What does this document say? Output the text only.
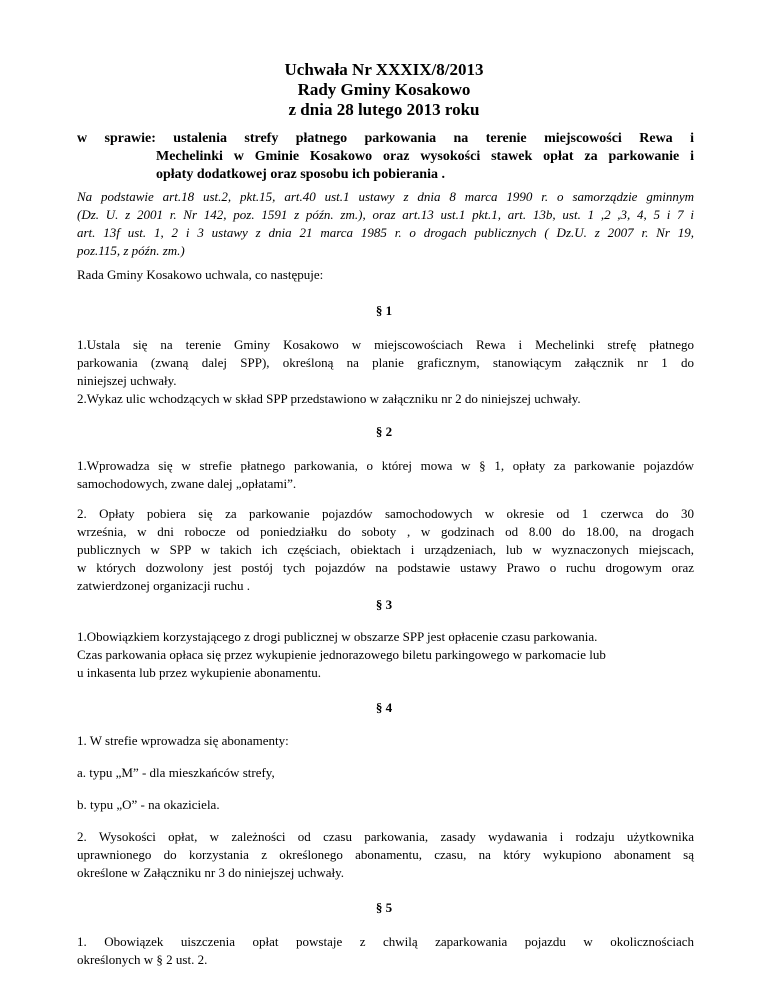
Uchwała Nr XXXIX/8/2013
Rady Gminy Kosakowo
z dnia 28 lutego 2013 roku
w sprawie: ustalenia strefy płatnego parkowania na terenie miejscowości Rewa i
Mechelinki w Gminie Kosakowo oraz wysokości stawek opłat za parkowanie i
opłaty dodatkowej oraz sposobu ich pobierania .
Na podstawie art.18 ust.2, pkt.15, art.40 ust.1 ustawy z dnia 8 marca 1990 r. o samorządzie gminnym
(Dz. U. z 2001 r. Nr 142, poz. 1591 z późn. zm.), oraz art.13 ust.1 pkt.1, art. 13b, ust. 1 ,2 ,3, 4, 5 i 7 i
art. 13f ust. 1, 2 i 3 ustawy z dnia 21 marca 1985 r. o drogach publicznych ( Dz.U. z 2007 r. Nr 19,
poz.115, z późn. zm.)
Rada Gminy Kosakowo uchwala, co następuje:
§ 1
1.Ustala się na terenie Gminy Kosakowo w miejscowościach Rewa i Mechelinki strefę płatnego
parkowania (zwaną dalej SPP), określoną na planie graficznym, stanowiącym załącznik nr 1 do
niniejszej uchwały.
2.Wykaz ulic wchodzących w skład SPP przedstawiono w załączniku nr 2 do niniejszej uchwały.
§ 2
1.Wprowadza się w strefie płatnego parkowania, o której mowa w § 1, opłaty za parkowanie pojazdów
samochodowych, zwane dalej „opłatami”.
2. Opłaty pobiera się za parkowanie pojazdów samochodowych w okresie od 1 czerwca do 30
września, w dni robocze od poniedziałku do soboty , w godzinach od 8.00 do 18.00, na drogach
publicznych w SPP w takich ich częściach, obiektach i urządzeniach, lub w wyznaczonych miejscach,
w których dozwolony jest postój tych pojazdów na podstawie ustawy Prawo o ruchu drogowym oraz
zatwierdzonej organizacji ruchu .
§ 3
1.Obowiązkiem korzystającego z drogi publicznej w obszarze SPP jest opłacenie czasu parkowania.
Czas parkowania opłaca się przez wykupienie jednorazowego biletu parkingowego w parkomacie lub
u inkasenta lub przez wykupienie abonamentu.
§ 4
1. W strefie wprowadza się abonamenty:
a. typu „M” - dla mieszkańców strefy,
b. typu „O” - na okaziciela.
2. Wysokości opłat, w zależności od czasu parkowania, zasady wydawania i rodzaju użytkownika
uprawnionego do korzystania z określonego abonamentu, czasu, na który wykupiono abonament są
określone w Załączniku nr 3 do niniejszej uchwały.
§ 5
1. Obowiązek uiszczenia opłat powstaje z chwilą zaparkowania pojazdu w okolicznościach
określonych w § 2 ust. 2.
